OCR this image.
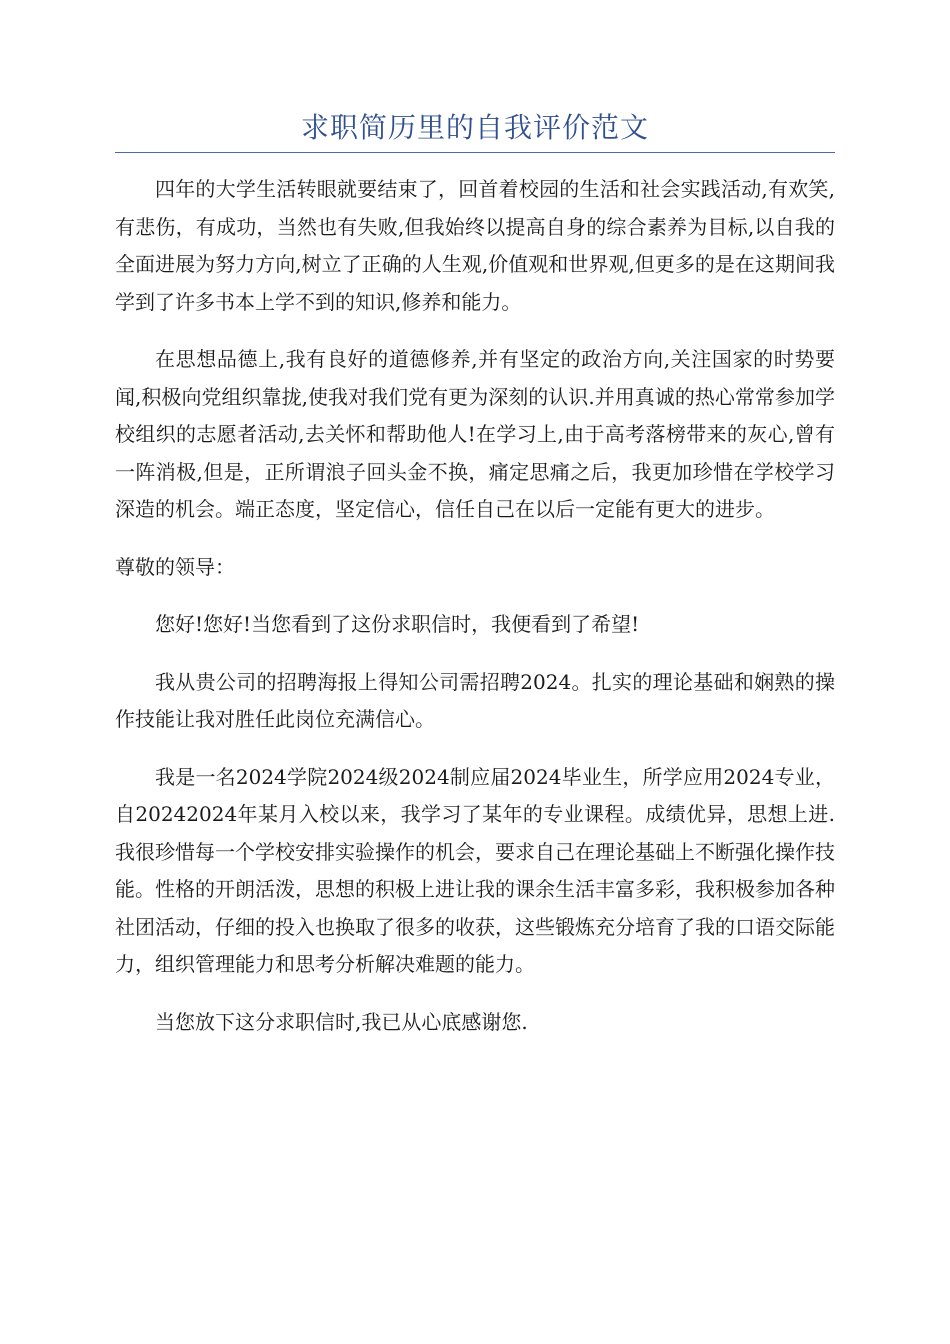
求职简历里的自我评价范文

四年的大学生活转眼就要结束了，回首着校园的生活和社会实践活动,有欢笑,有悲伤，有成功，当然也有失败,但我始终以提高自身的综合素养为目标,以自我的全面进展为努力方向,树立了正确的人生观,价值观和世界观,但更多的是在这期间我学到了许多书本上学不到的知识,修养和能力。

在思想品德上,我有良好的道德修养,并有坚定的政治方向,关注国家的时势要闻,积极向党组织靠拢,使我对我们党有更为深刻的认识.并用真诚的热心常常参加学校组织的志愿者活动,去关怀和帮助他人!在学习上,由于高考落榜带来的灰心,曾有一阵消极,但是，正所谓浪子回头金不换，痛定思痛之后，我更加珍惜在学校学习深造的机会。端正态度，坚定信心，信任自己在以后一定能有更大的进步。

尊敬的领导：

您好!您好!当您看到了这份求职信时，我便看到了希望!

我从贵公司的招聘海报上得知公司需招聘2024。扎实的理论基础和娴熟的操作技能让我对胜任此岗位充满信心。

我是一名2024学院2024级2024制应届2024毕业生，所学应用2024专业，自20242024年某月入校以来，我学习了某年的专业课程。成绩优异，思想上进.我很珍惜每一个学校安排实验操作的机会，要求自己在理论基础上不断强化操作技能。性格的开朗活泼，思想的积极上进让我的课余生活丰富多彩，我积极参加各种社团活动，仔细的投入也换取了很多的收获，这些锻炼充分培育了我的口语交际能力，组织管理能力和思考分析解决难题的能力。

当您放下这分求职信时,我已从心底感谢您.
